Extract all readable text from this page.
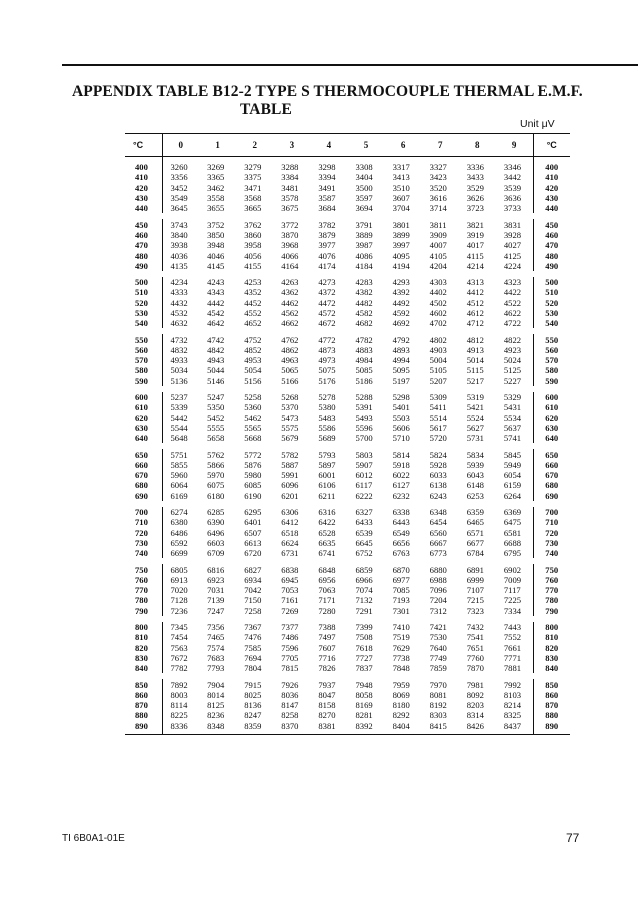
APPENDIX TABLE B12-2 TYPE S THERMOCOUPLE THERMAL E.M.F.
TABLE
Unit μV
°C	0	1	2	3	4	5	6	7	8	9	°C
400	3260	3269	3279	3288	3298	3308	3317	3327	3336	3346	400
410	3356	3365	3375	3384	3394	3404	3413	3423	3433	3442	410
420	3452	3462	3471	3481	3491	3500	3510	3520	3529	3539	420
430	3549	3558	3568	3578	3587	3597	3607	3616	3626	3636	430
440	3645	3655	3665	3675	3684	3694	3704	3714	3723	3733	440

450	3743	3752	3762	3772	3782	3791	3801	3811	3821	3831	450
460	3840	3850	3860	3870	3879	3889	3899	3909	3919	3928	460
470	3938	3948	3958	3968	3977	3987	3997	4007	4017	4027	470
480	4036	4046	4056	4066	4076	4086	4095	4105	4115	4125	480
490	4135	4145	4155	4164	4174	4184	4194	4204	4214	4224	490

500	4234	4243	4253	4263	4273	4283	4293	4303	4313	4323	500
510	4333	4343	4352	4362	4372	4382	4392	4402	4412	4422	510
520	4432	4442	4452	4462	4472	4482	4492	4502	4512	4522	520
530	4532	4542	4552	4562	4572	4582	4592	4602	4612	4622	530
540	4632	4642	4652	4662	4672	4682	4692	4702	4712	4722	540

550	4732	4742	4752	4762	4772	4782	4792	4802	4812	4822	550
560	4832	4842	4852	4862	4873	4883	4893	4903	4913	4923	560
570	4933	4943	4953	4963	4973	4984	4994	5004	5014	5024	570
580	5034	5044	5054	5065	5075	5085	5095	5105	5115	5125	580
590	5136	5146	5156	5166	5176	5186	5197	5207	5217	5227	590

600	5237	5247	5258	5268	5278	5288	5298	5309	5319	5329	600
610	5339	5350	5360	5370	5380	5391	5401	5411	5421	5431	610
620	5442	5452	5462	5473	5483	5493	5503	5514	5524	5534	620
630	5544	5555	5565	5575	5586	5596	5606	5617	5627	5637	630
640	5648	5658	5668	5679	5689	5700	5710	5720	5731	5741	640

650	5751	5762	5772	5782	5793	5803	5814	5824	5834	5845	650
660	5855	5866	5876	5887	5897	5907	5918	5928	5939	5949	660
670	5960	5970	5980	5991	6001	6012	6022	6033	6043	6054	670
680	6064	6075	6085	6096	6106	6117	6127	6138	6148	6159	680
690	6169	6180	6190	6201	6211	6222	6232	6243	6253	6264	690

700	6274	6285	6295	6306	6316	6327	6338	6348	6359	6369	700
710	6380	6390	6401	6412	6422	6433	6443	6454	6465	6475	710
720	6486	6496	6507	6518	6528	6539	6549	6560	6571	6581	720
730	6592	6603	6613	6624	6635	6645	6656	6667	6677	6688	730
740	6699	6709	6720	6731	6741	6752	6763	6773	6784	6795	740

750	6805	6816	6827	6838	6848	6859	6870	6880	6891	6902	750
760	6913	6923	6934	6945	6956	6966	6977	6988	6999	7009	760
770	7020	7031	7042	7053	7063	7074	7085	7096	7107	7117	770
780	7128	7139	7150	7161	7171	7132	7193	7204	7215	7225	780
790	7236	7247	7258	7269	7280	7291	7301	7312	7323	7334	790

800	7345	7356	7367	7377	7388	7399	7410	7421	7432	7443	800
810	7454	7465	7476	7486	7497	7508	7519	7530	7541	7552	810
820	7563	7574	7585	7596	7607	7618	7629	7640	7651	7661	820
830	7672	7683	7694	7705	7716	7727	7738	7749	7760	7771	830
840	7782	7793	7804	7815	7826	7837	7848	7859	7870	7881	840

850	7892	7904	7915	7926	7937	7948	7959	7970	7981	7992	850
860	8003	8014	8025	8036	8047	8058	8069	8081	8092	8103	860
870	8114	8125	8136	8147	8158	8169	8180	8192	8203	8214	870
880	8225	8236	8247	8258	8270	8281	8292	8303	8314	8325	880
890	8336	8348	8359	8370	8381	8392	8404	8415	8426	8437	890
TI 6B0A1-01E	77
